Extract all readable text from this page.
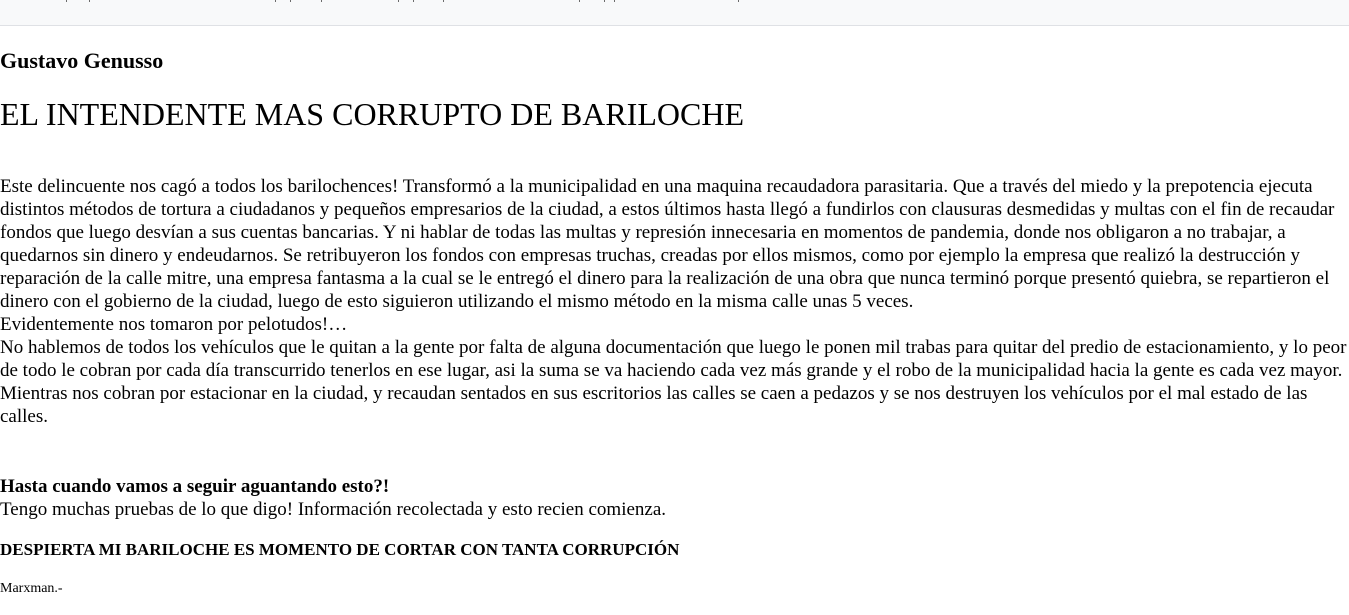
Gustavo Genusso
EL INTENDENTE MAS CORRUPTO DE BARILOCHE

Este delincuente nos cagó a todos los barilochences! Transformó a la municipalidad en una maquina recaudadora parasitaria. Que a través del miedo y la prepotencia ejecuta distintos métodos de tortura a ciudadanos y pequeños empresarios de la ciudad, a estos últimos hasta llegó a fundirlos con clausuras desmedidas y multas con el fin de recaudar fondos que luego desvían a sus cuentas bancarias. Y ni hablar de todas las multas y represión innecesaria en momentos de pandemia, donde nos obligaron a no trabajar, a quedarnos sin dinero y endeudarnos. Se retribuyeron los fondos con empresas truchas, creadas por ellos mismos, como por ejemplo la empresa que realizó la destrucción y reparación de la calle mitre, una empresa fantasma a la cual se le entregó el dinero para la realización de una obra que nunca terminó porque presentó quiebra, se repartieron el dinero con el gobierno de la ciudad, luego de esto siguieron utilizando el mismo método en la misma calle unas 5 veces.

Evidentemente nos tomaron por pelotudos!…

No hablemos de todos los vehículos que le quitan a la gente por falta de alguna documentación que luego le ponen mil trabas para quitar del predio de estacionamiento, y lo peor de todo le cobran por cada día transcurrido tenerlos en ese lugar, asi la suma se va haciendo cada vez más grande y el robo de la municipalidad hacia la gente es cada vez mayor.

Mientras nos cobran por estacionar en la ciudad, y recaudan sentados en sus escritorios las calles se caen a pedazos y se nos destruyen los vehículos por el mal estado de las calles.

Hasta cuando vamos a seguir aguantando esto?!

Tengo muchas pruebas de lo que digo! Información recolectada y esto recien comienza.

DESPIERTA MI BARILOCHE ES MOMENTO DE CORTAR CON TANTA CORRUPCIÓN

Marxman.-
